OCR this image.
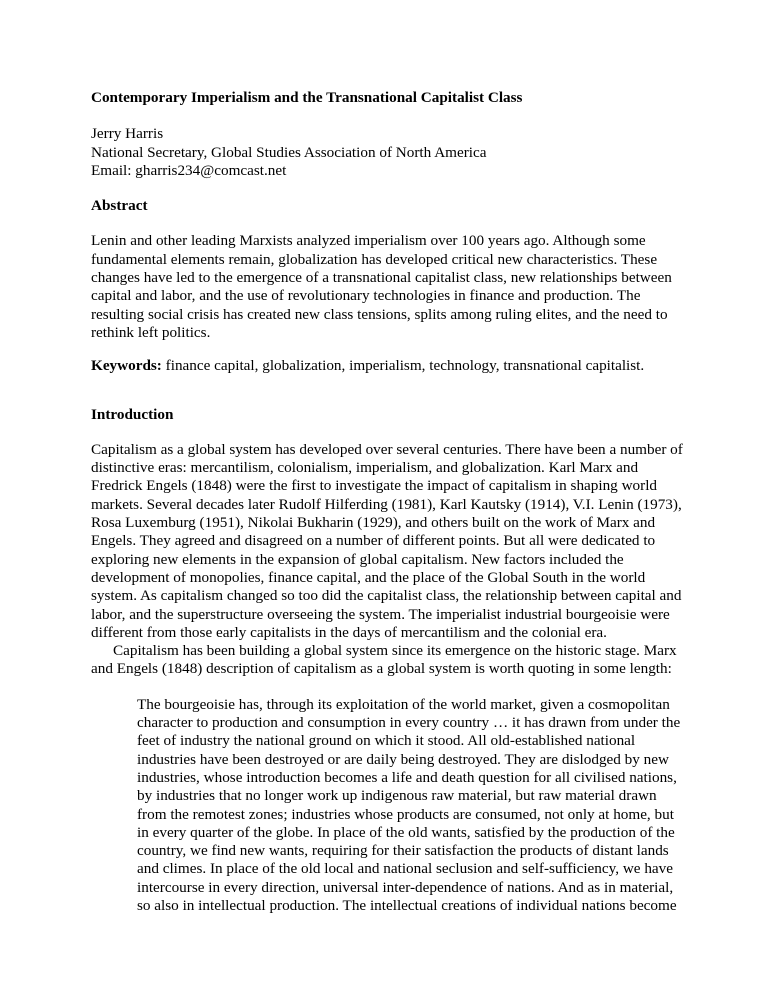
Contemporary Imperialism and the Transnational Capitalist Class

Jerry Harris

National Secretary, Global Studies Association of North America

Email: gharris234@comcast.net

Abstract

Lenin and other leading Marxists analyzed imperialism over 100 years ago. Although some fundamental elements remain, globalization has developed critical new characteristics. These changes have led to the emergence of a transnational capitalist class, new relationships between capital and labor, and the use of revolutionary technologies in finance and production. The resulting social crisis has created new class tensions, splits among ruling elites, and the need to rethink left politics.

Keywords: finance capital, globalization, imperialism, technology, transnational capitalist.

Introduction

Capitalism as a global system has developed over several centuries. There have been a number of distinctive eras: mercantilism, colonialism, imperialism, and globalization. Karl Marx and Fredrick Engels (1848) were the first to investigate the impact of capitalism in shaping world markets. Several decades later Rudolf Hilferding (1981), Karl Kautsky (1914), V.I. Lenin (1973), Rosa Luxemburg (1951), Nikolai Bukharin (1929), and others built on the work of Marx and Engels. They agreed and disagreed on a number of different points. But all were dedicated to exploring new elements in the expansion of global capitalism. New factors included the development of monopolies, finance capital, and the place of the Global South in the world system. As capitalism changed so too did the capitalist class, the relationship between capital and labor, and the superstructure overseeing the system. The imperialist industrial bourgeoisie were different from those early capitalists in the days of mercantilism and the colonial era.

Capitalism has been building a global system since its emergence on the historic stage. Marx and Engels (1848) description of capitalism as a global system is worth quoting in some length:

The bourgeoisie has, through its exploitation of the world market, given a cosmopolitan character to production and consumption in every country … it has drawn from under the feet of industry the national ground on which it stood. All old-established national industries have been destroyed or are daily being destroyed. They are dislodged by new industries, whose introduction becomes a life and death question for all civilised nations, by industries that no longer work up indigenous raw material, but raw material drawn from the remotest zones; industries whose products are consumed, not only at home, but in every quarter of the globe. In place of the old wants, satisfied by the production of the country, we find new wants, requiring for their satisfaction the products of distant lands and climes. In place of the old local and national seclusion and self-sufficiency, we have intercourse in every direction, universal inter-dependence of nations. And as in material, so also in intellectual production. The intellectual creations of individual nations become
